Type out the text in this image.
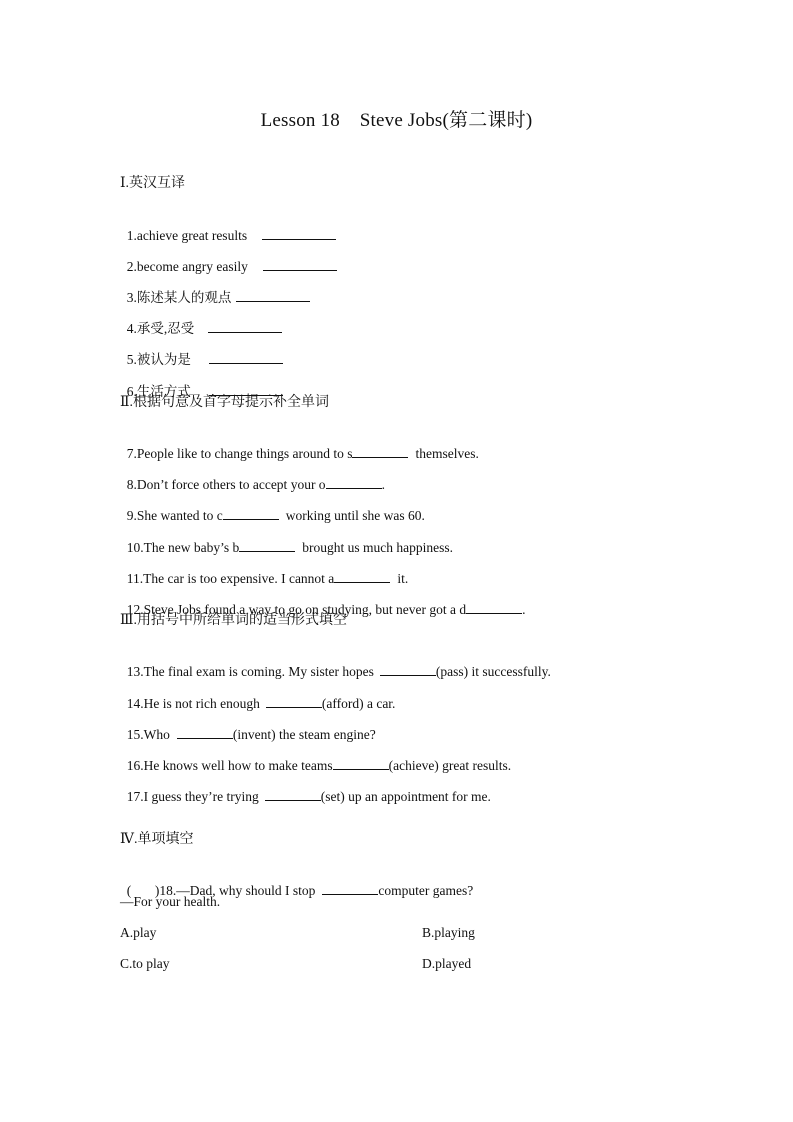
Lesson 18    Steve Jobs(第二课时)
Ⅰ.英汉互译

1.achieve great results

2.become angry easily

3.陈述某人的观点

4.承受,忍受

5.被认为是

6.生活方式

Ⅱ.根据句意及首字母提示补全单词

7.People like to change things around to s	themselves.

8.Don’t force others to accept your o	.

9.She wanted to c	working until she was 60.

10.The new baby’s b	brought us much happiness.

11.The car is too expensive. I cannot a	it.

12.Steve Jobs found a way to go on studying, but never got a d	.

Ⅲ.用括号中所给单词的适当形式填空

13.The final exam is coming. My sister hopes	(pass) it successfully.

14.He is not rich enough	(afford) a car.

15.Who	(invent) the steam engine?

16.He knows well how to make teams	(achieve) great results.

17.I guess they’re trying	(set) up an appointment for me.

Ⅳ.单项填空

(       )18.—Dad, why should I stop	computer games?

—For your health.
A.play	B.playing
C.to play	D.played
